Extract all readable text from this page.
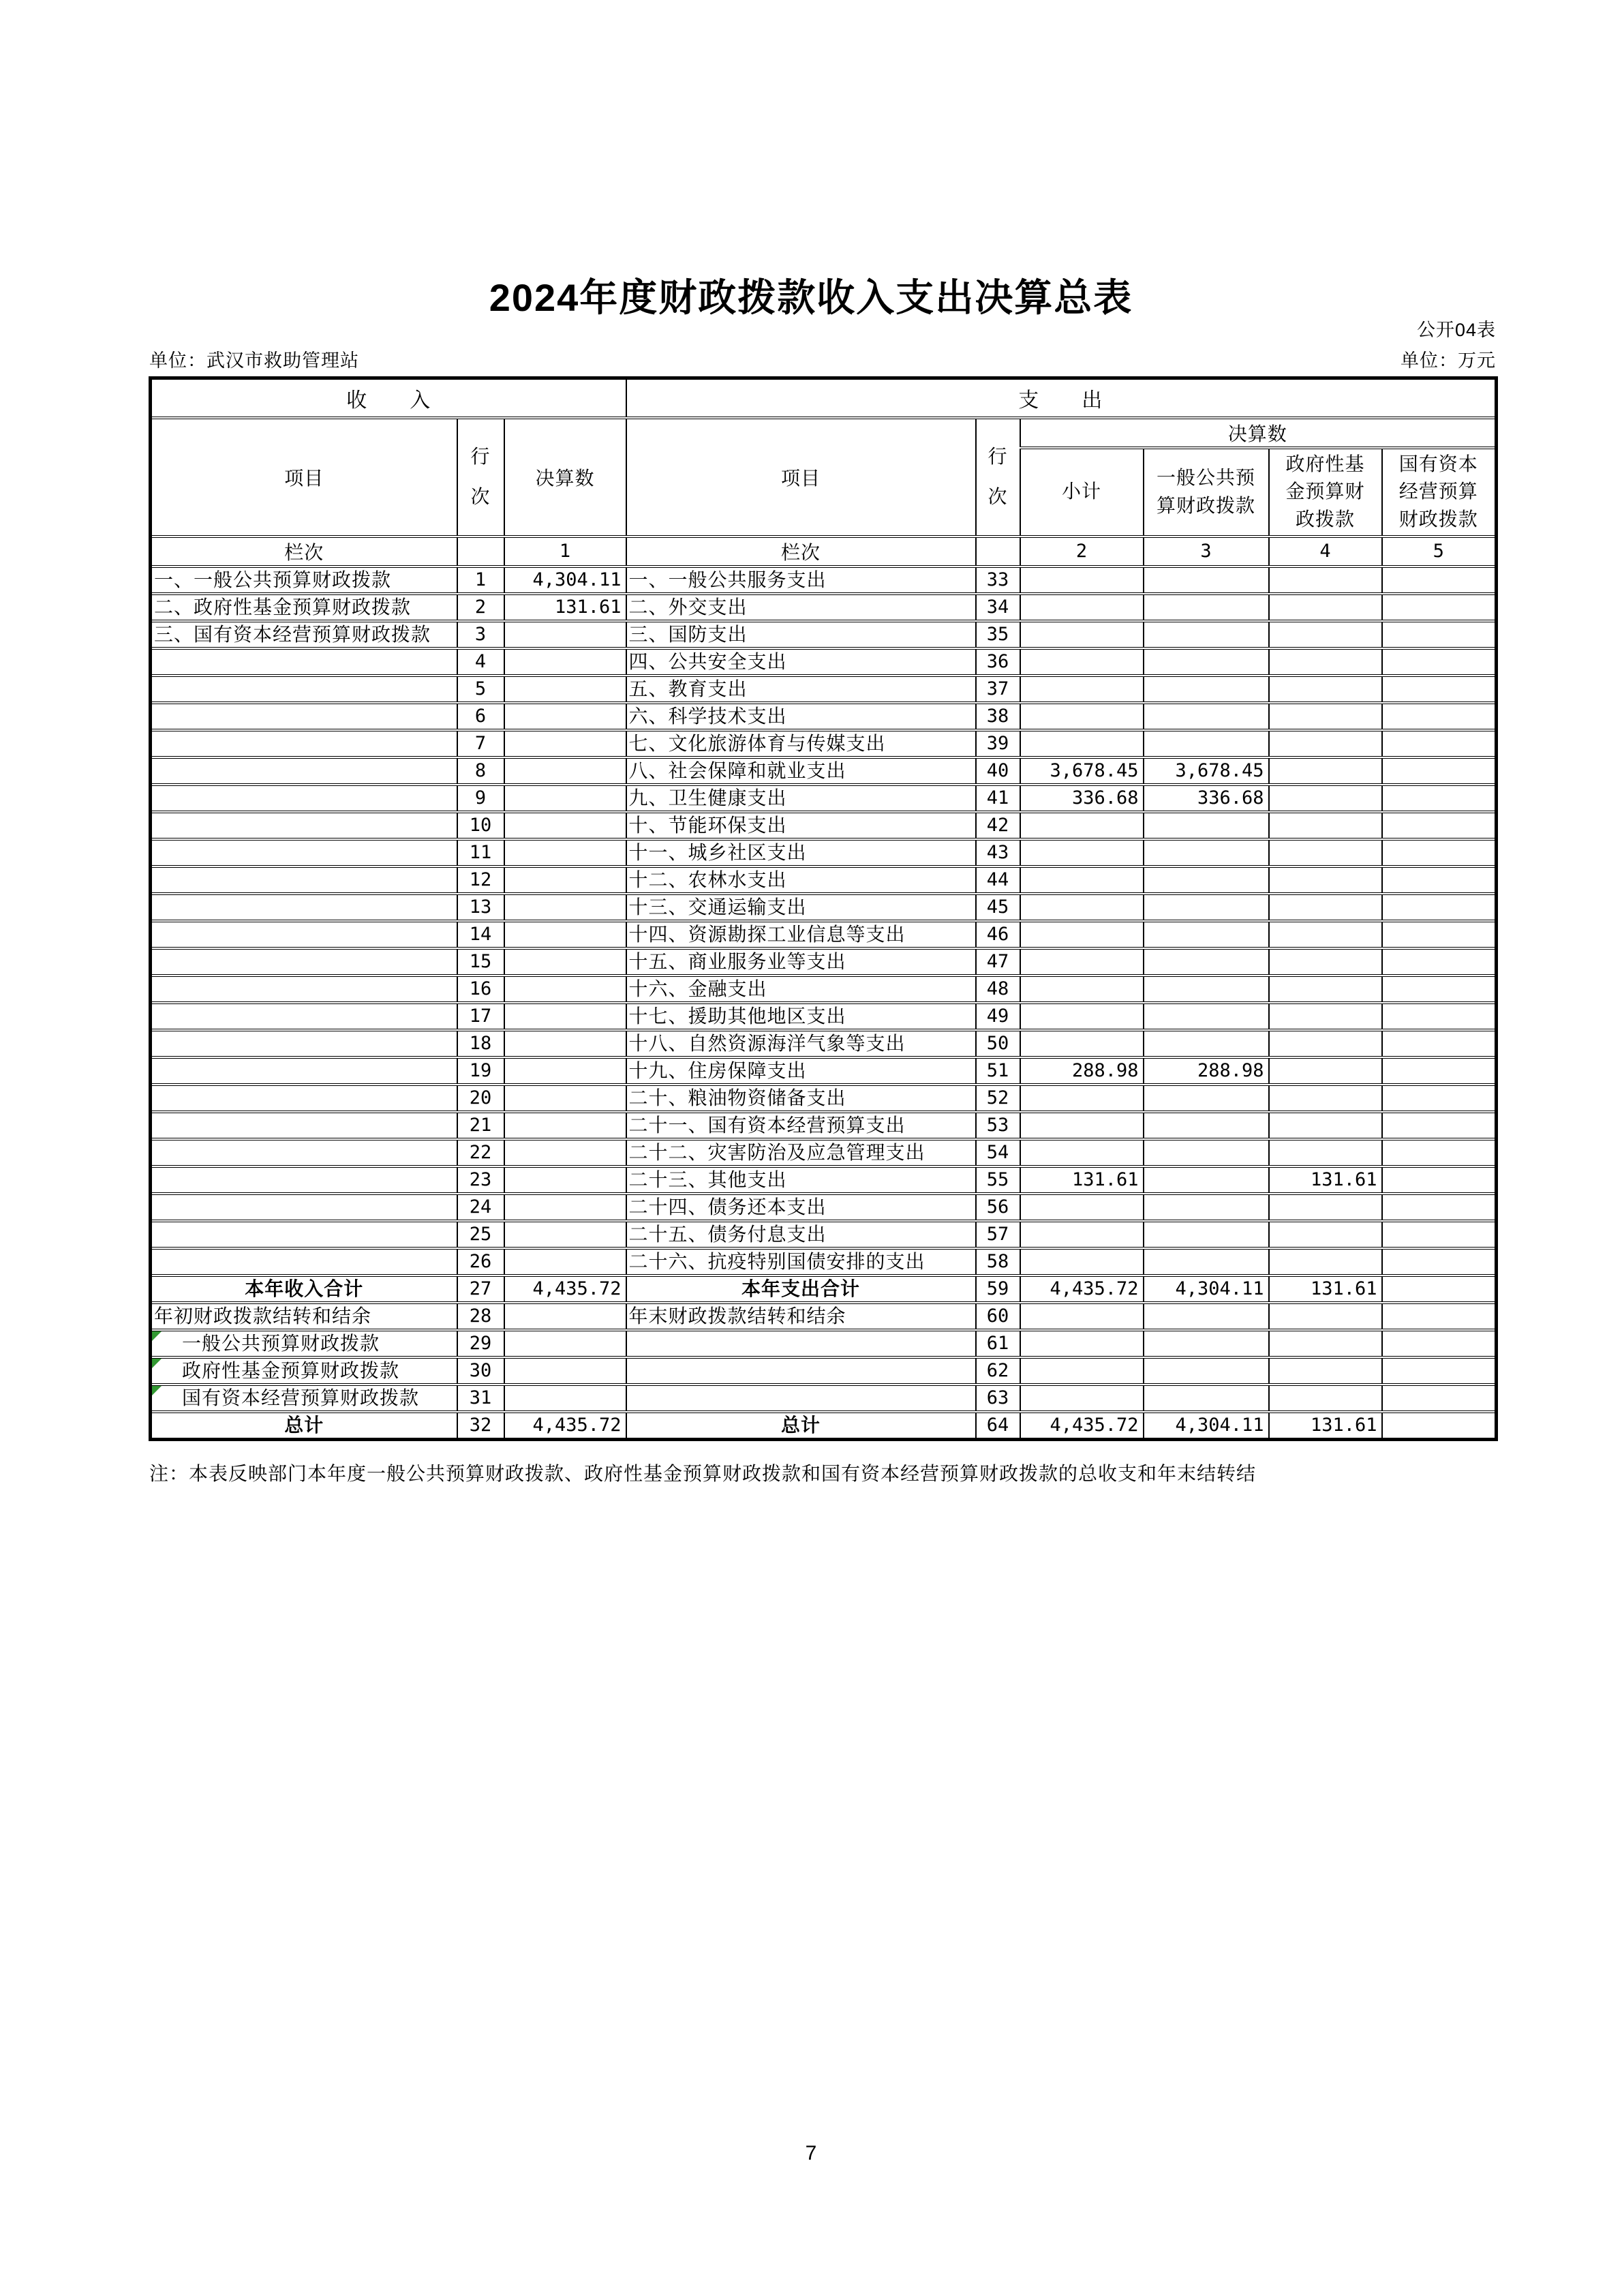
2024年度财政拨款收入支出决算总表
公开04表
单位：武汉市救助管理站	单位：万元
收　　入			支　　出					
项目	行次	决算数	项目	行次	决算数			
					小计	一般公共预算财政拨款	政府性基金预算财政拨款	国有资本经营预算财政拨款
栏次		1	栏次		2	3	4	5
一、一般公共预算财政拨款	1	4,304.11	一、一般公共服务支出	33				
二、政府性基金预算财政拨款	2	131.61	二、外交支出	34				
三、国有资本经营预算财政拨款	3		三、国防支出	35				
	4		四、公共安全支出	36				
	5		五、教育支出	37				
	6		六、科学技术支出	38				
	7		七、文化旅游体育与传媒支出	39				
	8		八、社会保障和就业支出	40	3,678.45	3,678.45		
	9		九、卫生健康支出	41	336.68	336.68		
	10		十、节能环保支出	42				
	11		十一、城乡社区支出	43				
	12		十二、农林水支出	44				
	13		十三、交通运输支出	45				
	14		十四、资源勘探工业信息等支出	46				
	15		十五、商业服务业等支出	47				
	16		十六、金融支出	48				
	17		十七、援助其他地区支出	49				
	18		十八、自然资源海洋气象等支出	50				
	19		十九、住房保障支出	51	288.98	288.98		
	20		二十、粮油物资储备支出	52				
	21		二十一、国有资本经营预算支出	53				
	22		二十二、灾害防治及应急管理支出	54				
	23		二十三、其他支出	55	131.61		131.61	
	24		二十四、债务还本支出	56				
	25		二十五、债务付息支出	57				
	26		二十六、抗疫特别国债安排的支出	58				
本年收入合计	27	4,435.72	本年支出合计	59	4,435.72	4,304.11	131.61	
年初财政拨款结转和结余	28		年末财政拨款结转和结余	60				

一般公共预算财政拨款	29			61				

政府性基金预算财政拨款	30			62				

国有资本经营预算财政拨款	31			63				
总计	32	4,435.72	总计	64	4,435.72	4,304.11	131.61	
注：本表反映部门本年度一般公共预算财政拨款、政府性基金预算财政拨款和国有资本经营预算财政拨款的总收支和年末结转结
7
